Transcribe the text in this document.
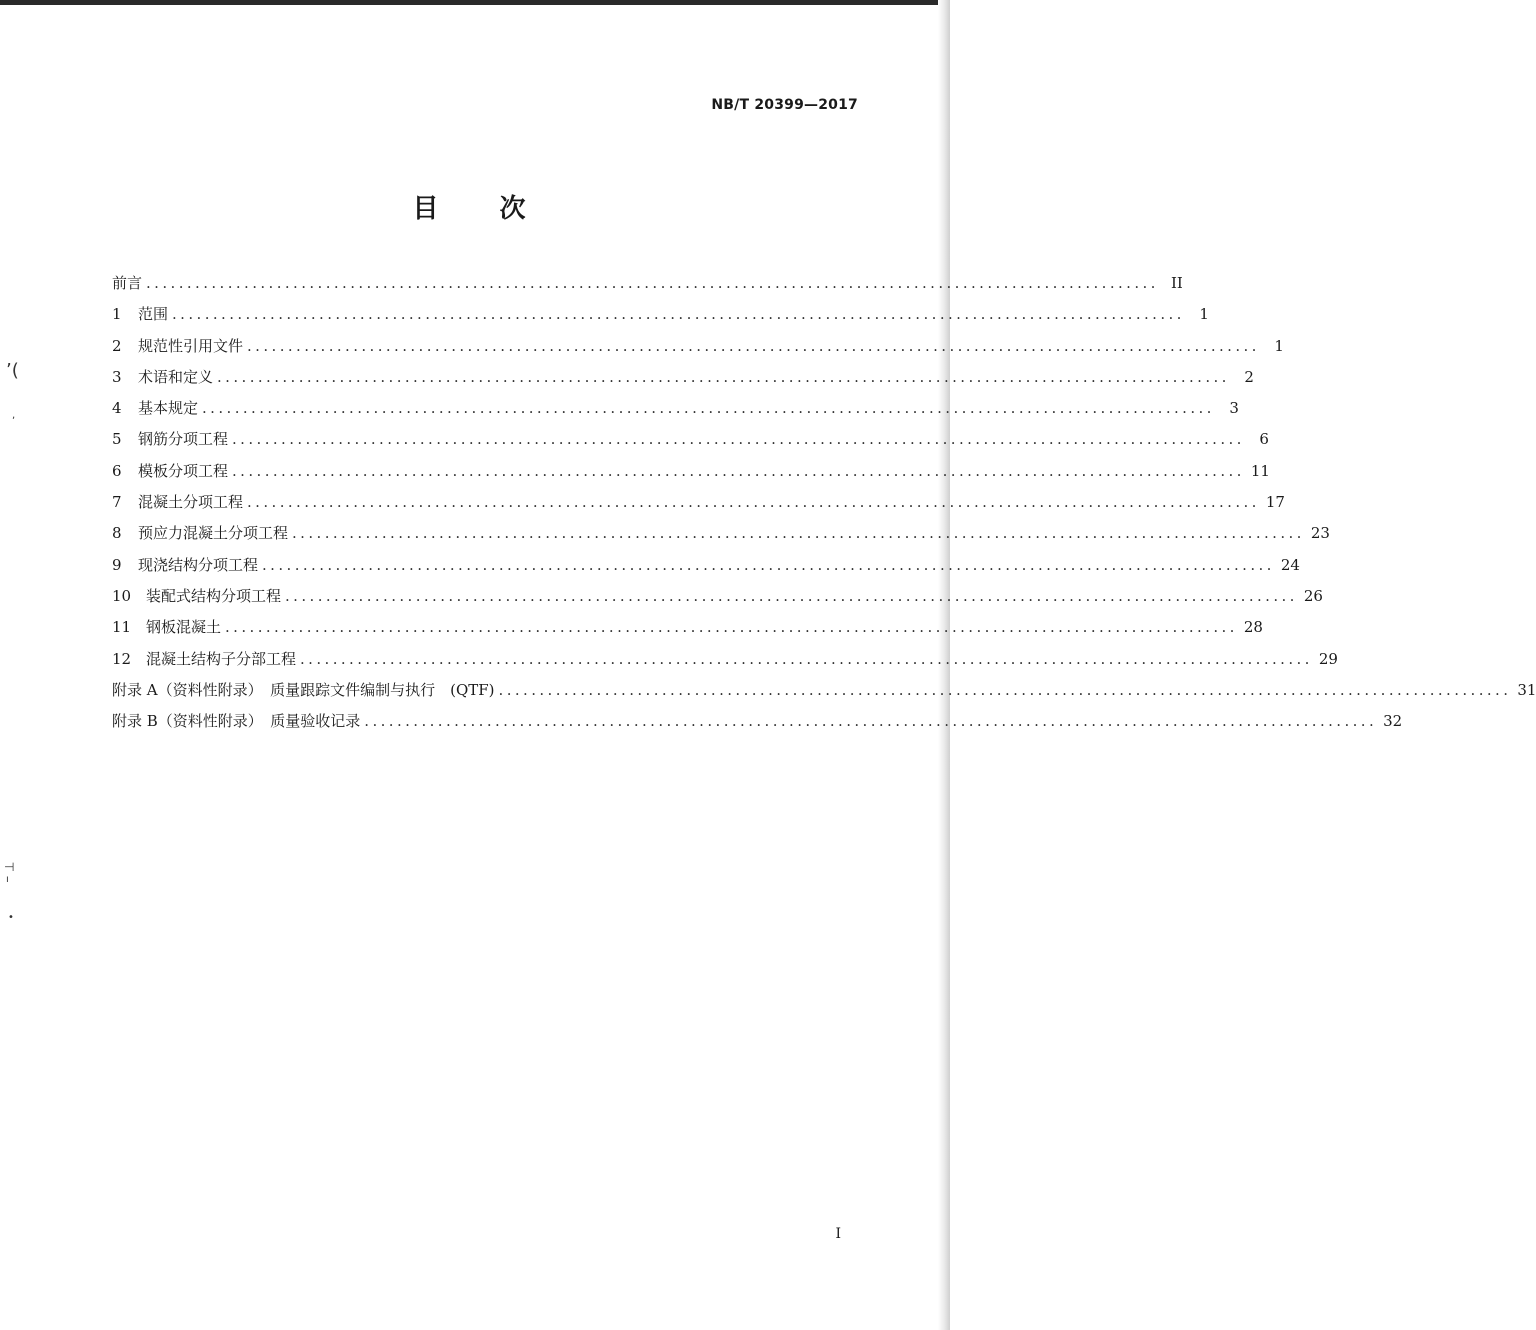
NB/T 20399—2017
目 次
前言 ............................................................................................................................ II
1	范围 ............................................................................................................................ 1
2	规范性引用文件 ............................................................................................................................ 1
3	术语和定义 ............................................................................................................................ 2
4	基本规定 ............................................................................................................................ 3
5	钢筋分项工程 ............................................................................................................................ 6
6	模板分项工程 ............................................................................................................................ 11
7	混凝土分项工程 ............................................................................................................................ 17
8	预应力混凝土分项工程 ............................................................................................................................ 23
9	现浇结构分项工程 ............................................................................................................................ 24
10 装配式结构分项工程 ............................................................................................................................ 26
11 钢板混凝土 ............................................................................................................................ 28
12 混凝土结构子分部工程 ............................................................................................................................ 29
附录 A（资料性附录）　质量跟踪文件编制与执行　(QTF) ............................................................................................................................ 31
附录 B（资料性附录）　质量验收记录 ............................................................................................................................ 32
’(
,
⊣
ı
•
I
